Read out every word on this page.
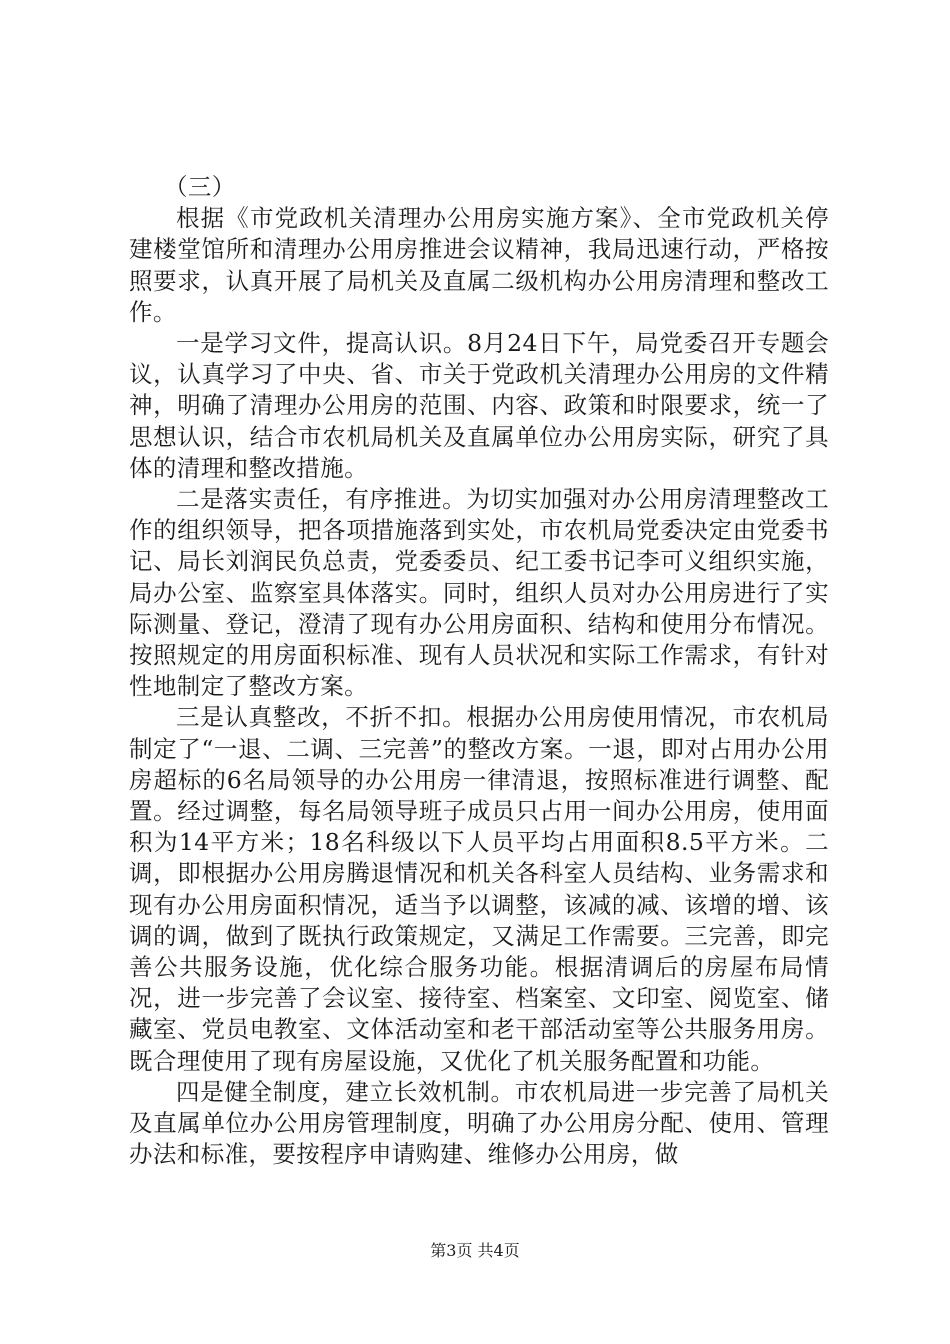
（三）

根据《市党政机关清理办公用房实施方案》、全市党政机关停建楼堂馆所和清理办公用房推进会议精神，我局迅速行动，严格按照要求，认真开展了局机关及直属二级机构办公用房清理和整改工作。

一是学习文件，提高认识。8月24日下午，局党委召开专题会议，认真学习了中央、省、市关于党政机关清理办公用房的文件精神，明确了清理办公用房的范围、内容、政策和时限要求，统一了思想认识，结合市农机局机关及直属单位办公用房实际，研究了具体的清理和整改措施。

二是落实责任，有序推进。为切实加强对办公用房清理整改工作的组织领导，把各项措施落到实处，市农机局党委决定由党委书记、局长刘润民负总责，党委委员、纪工委书记李可义组织实施，局办公室、监察室具体落实。同时，组织人员对办公用房进行了实际测量、登记，澄清了现有办公用房面积、结构和使用分布情况。按照规定的用房面积标准、现有人员状况和实际工作需求，有针对性地制定了整改方案。

三是认真整改，不折不扣。根据办公用房使用情况，市农机局制定了“一退、二调、三完善”的整改方案。一退，即对占用办公用房超标的6名局领导的办公用房一律清退，按照标准进行调整、配置。经过调整，每名局领导班子成员只占用一间办公用房，使用面积为14平方米；18名科级以下人员平均占用面积8.5平方米。二调，即根据办公用房腾退情况和机关各科室人员结构、业务需求和现有办公用房面积情况，适当予以调整，该减的减、该增的增、该调的调，做到了既执行政策规定，又满足工作需要。三完善，即完善公共服务设施，优化综合服务功能。根据清调后的房屋布局情况，进一步完善了会议室、接待室、档案室、文印室、阅览室、储藏室、党员电教室、文体活动室和老干部活动室等公共服务用房。既合理使用了现有房屋设施，又优化了机关服务配置和功能。

四是健全制度，建立长效机制。市农机局进一步完善了局机关及直属单位办公用房管理制度，明确了办公用房分配、使用、管理办法和标准，要按程序申请购建、维修办公用房，做

第3页 共4页
